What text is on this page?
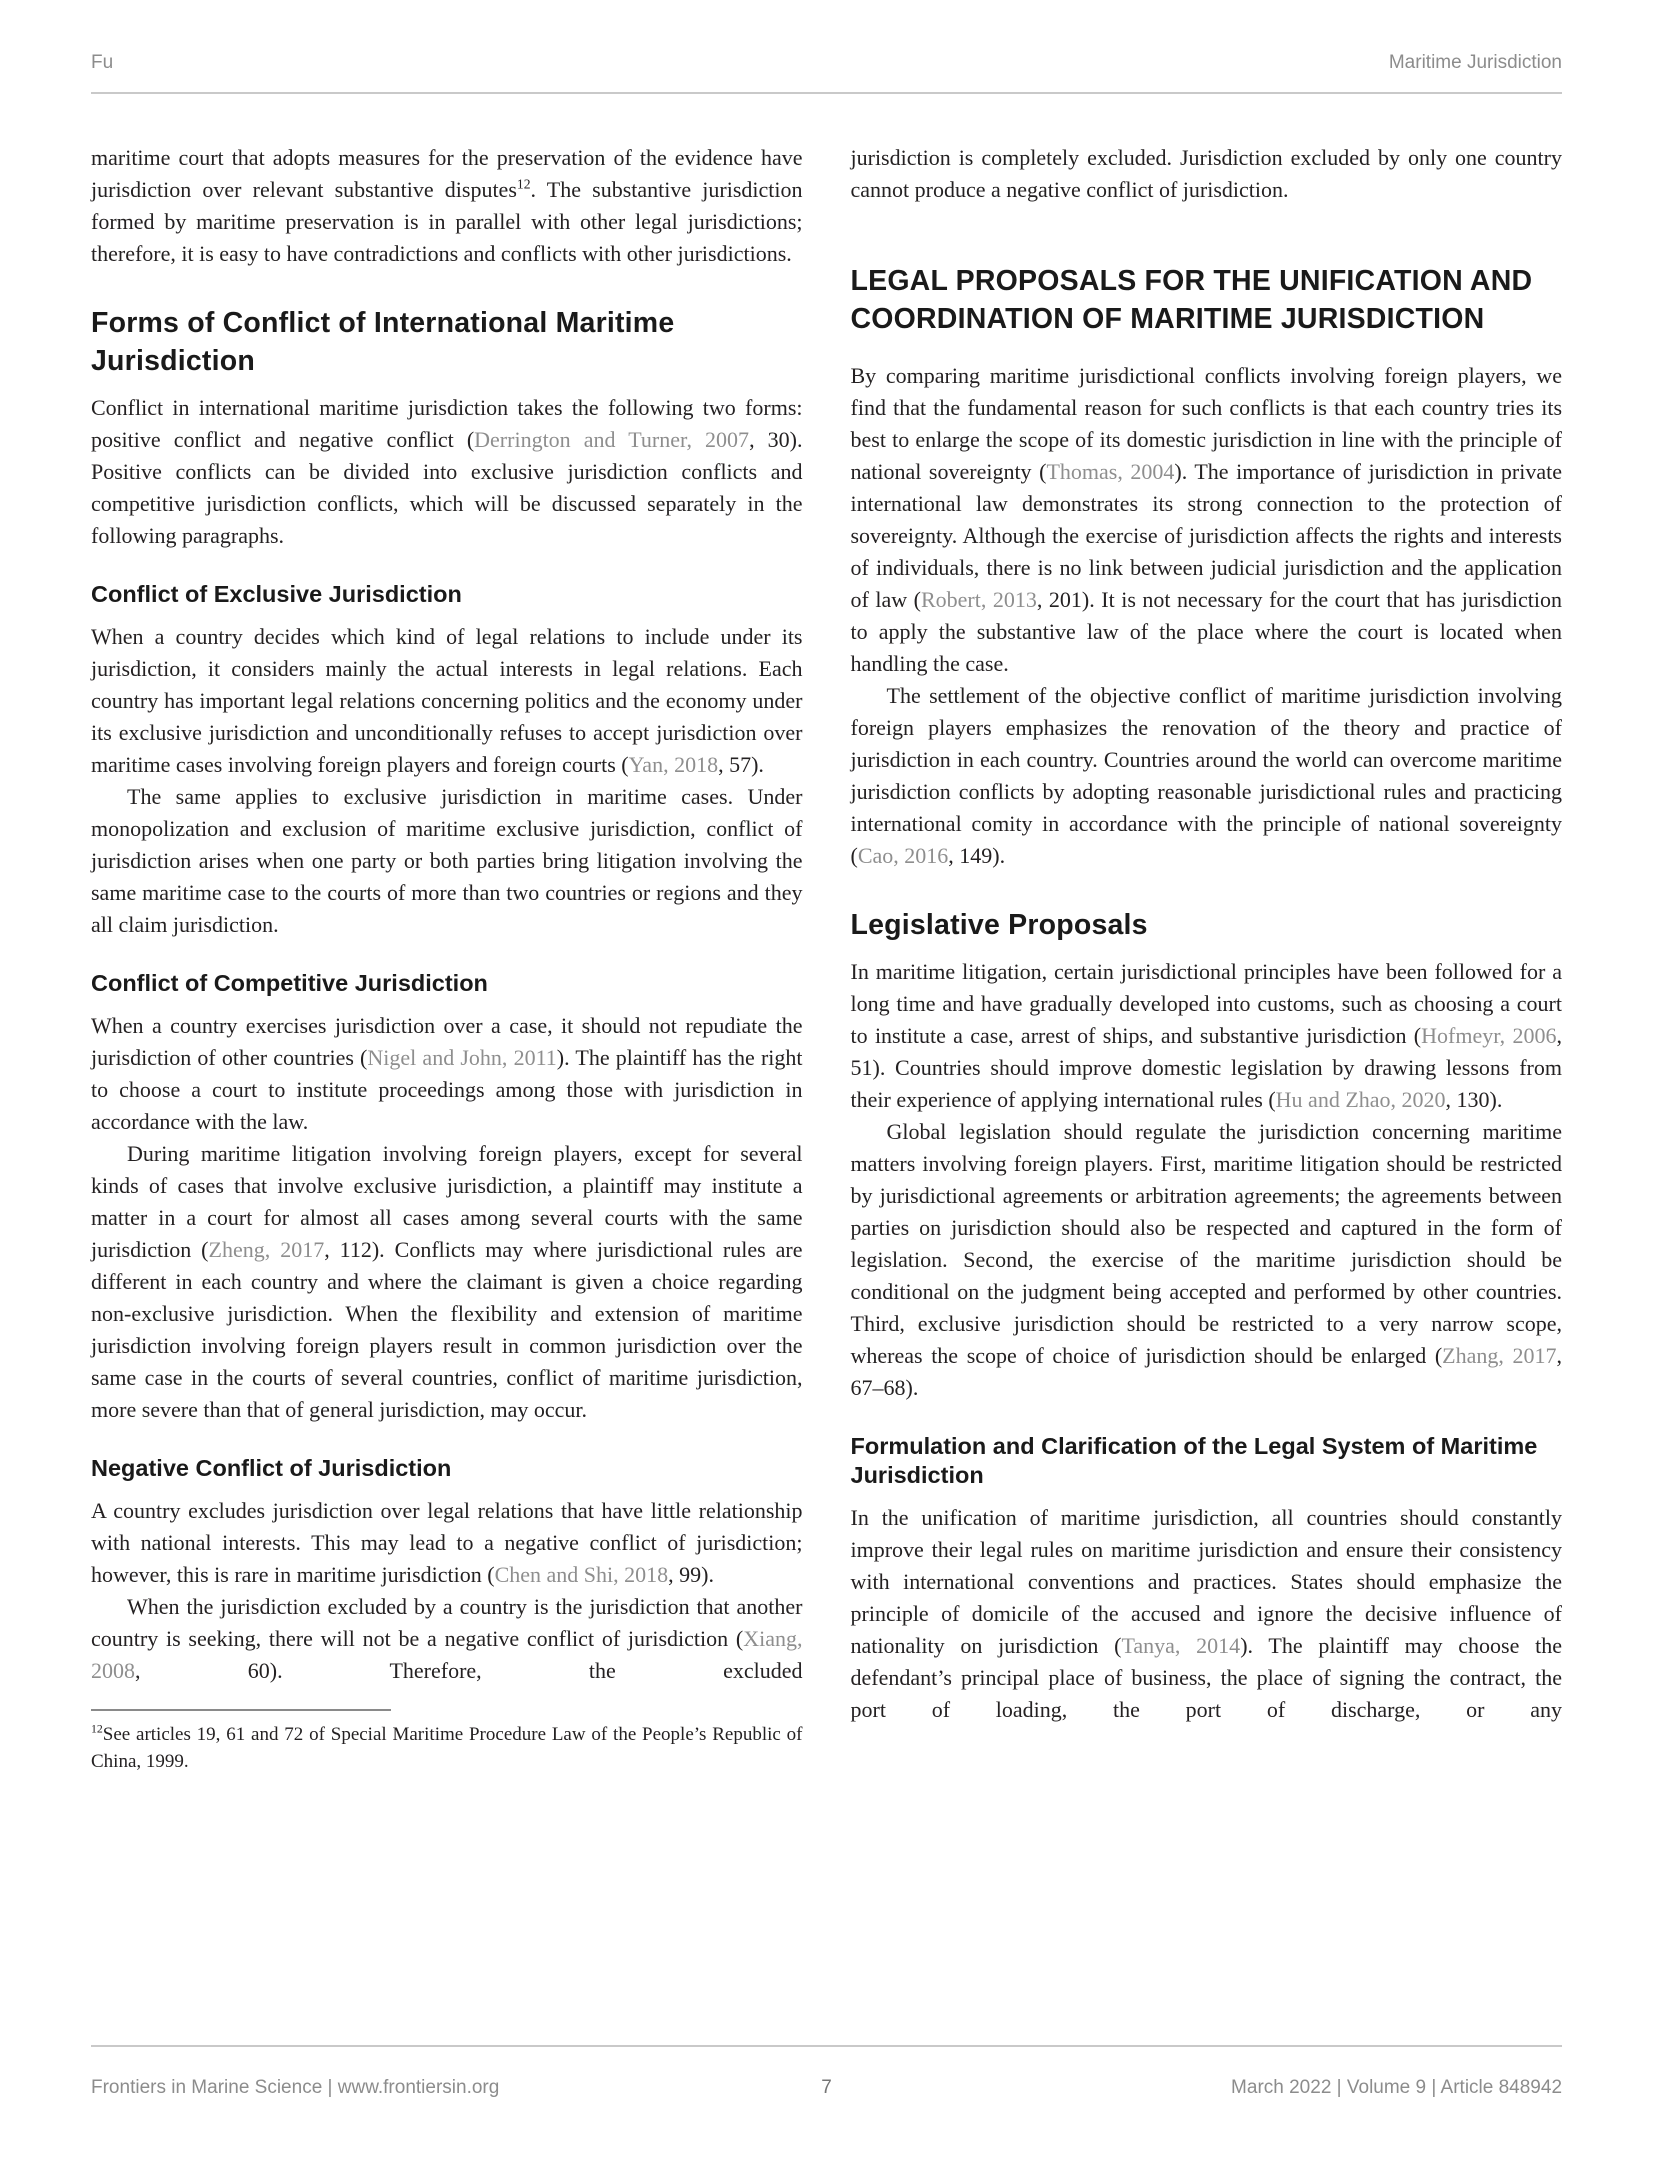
Fu	Maritime Jurisdiction

maritime court that adopts measures for the preservation of the evidence have jurisdiction over relevant substantive disputes$^{12}$. The substantive jurisdiction formed by maritime preservation is in parallel with other legal jurisdictions; therefore, it is easy to have contradictions and conflicts with other jurisdictions.

Forms of Conflict of International Maritime Jurisdiction

Conflict in international maritime jurisdiction takes the following two forms: positive conflict and negative conflict (Derrington and Turner, 2007, 30). Positive conflicts can be divided into exclusive jurisdiction conflicts and competitive jurisdiction conflicts, which will be discussed separately in the following paragraphs.

Conflict of Exclusive Jurisdiction

When a country decides which kind of legal relations to include under its jurisdiction, it considers mainly the actual interests in legal relations. Each country has important legal relations concerning politics and the economy under its exclusive jurisdiction and unconditionally refuses to accept jurisdiction over maritime cases involving foreign players and foreign courts (Yan, 2018, 57).

The same applies to exclusive jurisdiction in maritime cases. Under monopolization and exclusion of maritime exclusive jurisdiction, conflict of jurisdiction arises when one party or both parties bring litigation involving the same maritime case to the courts of more than two countries or regions and they all claim jurisdiction.

Conflict of Competitive Jurisdiction

When a country exercises jurisdiction over a case, it should not repudiate the jurisdiction of other countries (Nigel and John, 2011). The plaintiff has the right to choose a court to institute proceedings among those with jurisdiction in accordance with the law.

During maritime litigation involving foreign players, except for several kinds of cases that involve exclusive jurisdiction, a plaintiff may institute a matter in a court for almost all cases among several courts with the same jurisdiction (Zheng, 2017, 112). Conflicts may where jurisdictional rules are different in each country and where the claimant is given a choice regarding non-exclusive jurisdiction. When the flexibility and extension of maritime jurisdiction involving foreign players result in common jurisdiction over the same case in the courts of several countries, conflict of maritime jurisdiction, more severe than that of general jurisdiction, may occur.

Negative Conflict of Jurisdiction

A country excludes jurisdiction over legal relations that have little relationship with national interests. This may lead to a negative conflict of jurisdiction; however, this is rare in maritime jurisdiction (Chen and Shi, 2018, 99).

When the jurisdiction excluded by a country is the jurisdiction that another country is seeking, there will not be a negative conflict of jurisdiction (Xiang, 2008, 60). Therefore, the excluded

$^{12}$See articles 19, 61 and 72 of Special Maritime Procedure Law of the People’s Republic of China, 1999.

jurisdiction is completely excluded. Jurisdiction excluded by only one country cannot produce a negative conflict of jurisdiction.

LEGAL PROPOSALS FOR THE UNIFICATION AND COORDINATION OF MARITIME JURISDICTION

By comparing maritime jurisdictional conflicts involving foreign players, we find that the fundamental reason for such conflicts is that each country tries its best to enlarge the scope of its domestic jurisdiction in line with the principle of national sovereignty (Thomas, 2004). The importance of jurisdiction in private international law demonstrates its strong connection to the protection of sovereignty. Although the exercise of jurisdiction affects the rights and interests of individuals, there is no link between judicial jurisdiction and the application of law (Robert, 2013, 201). It is not necessary for the court that has jurisdiction to apply the substantive law of the place where the court is located when handling the case.

The settlement of the objective conflict of maritime jurisdiction involving foreign players emphasizes the renovation of the theory and practice of jurisdiction in each country. Countries around the world can overcome maritime jurisdiction conflicts by adopting reasonable jurisdictional rules and practicing international comity in accordance with the principle of national sovereignty (Cao, 2016, 149).

Legislative Proposals

In maritime litigation, certain jurisdictional principles have been followed for a long time and have gradually developed into customs, such as choosing a court to institute a case, arrest of ships, and substantive jurisdiction (Hofmeyr, 2006, 51). Countries should improve domestic legislation by drawing lessons from their experience of applying international rules (Hu and Zhao, 2020, 130).

Global legislation should regulate the jurisdiction concerning maritime matters involving foreign players. First, maritime litigation should be restricted by jurisdictional agreements or arbitration agreements; the agreements between parties on jurisdiction should also be respected and captured in the form of legislation. Second, the exercise of the maritime jurisdiction should be conditional on the judgment being accepted and performed by other countries. Third, exclusive jurisdiction should be restricted to a very narrow scope, whereas the scope of choice of jurisdiction should be enlarged (Zhang, 2017, 67–68).

Formulation and Clarification of the Legal System of Maritime Jurisdiction

In the unification of maritime jurisdiction, all countries should constantly improve their legal rules on maritime jurisdiction and ensure their consistency with international conventions and practices. States should emphasize the principle of domicile of the accused and ignore the decisive influence of nationality on jurisdiction (Tanya, 2014). The plaintiff may choose the defendant’s principal place of business, the place of signing the contract, the port of loading, the port of discharge, or any

Frontiers in Marine Science | www.frontiersin.org	7	March 2022 | Volume 9 | Article 848942
